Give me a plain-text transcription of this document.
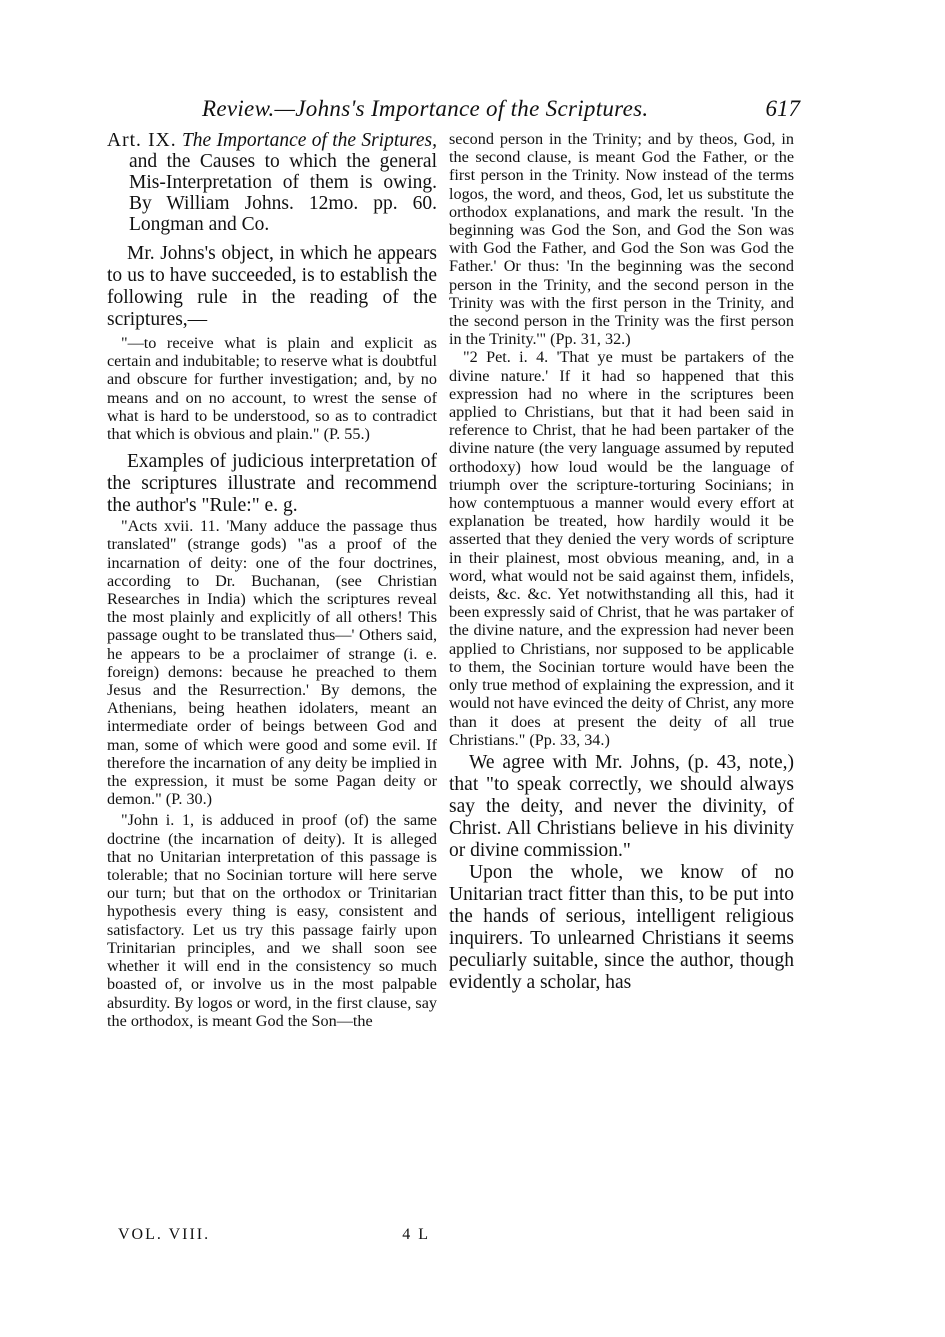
Review.—Johns's Importance of the Scriptures.	617

Art. IX. The Importance of the Sriptures, and the Causes to which the general Mis-Interpretation of them is owing. By William Johns. 12mo. pp. 60. Longman and Co.

Mr. Johns's object, in which he appears to us to have succeeded, is to establish the following rule in the reading of the scriptures,—

"—to receive what is plain and explicit as certain and indubitable; to reserve what is doubtful and obscure for further investigation; and, by no means and on no account, to wrest the sense of what is hard to be understood, so as to contradict that which is obvious and plain." (P. 55.)

Examples of judicious interpretation of the scriptures illustrate and recommend the author's "Rule:" e. g.

"Acts xvii. 11. 'Many adduce the passage thus translated" (strange gods) "as a proof of the incarnation of deity: one of the four doctrines, according to Dr. Buchanan, (see Christian Researches in India) which the scriptures reveal the most plainly and explicitly of all others! This passage ought to be translated thus—' Others said, he appears to be a proclaimer of strange (i. e. foreign) demons: because he preached to them Jesus and the Resurrection.' By demons, the Athenians, being heathen idolaters, meant an intermediate order of beings between God and man, some of which were good and some evil. If therefore the incarnation of any deity be implied in the expression, it must be some Pagan deity or demon." (P. 30.)

"John i. 1, is adduced in proof (of) the same doctrine (the incarnation of deity). It is alleged that no Unitarian interpretation of this passage is tolerable; that no Socinian torture will here serve our turn; but that on the orthodox or Trinitarian hypothesis every thing is easy, consistent and satisfactory. Let us try this passage fairly upon Trinitarian principles, and we shall soon see whether it will end in the consistency so much boasted of, or involve us in the most palpable absurdity. By logos or word, in the first clause, say the orthodox, is meant God the Son—the

second person in the Trinity; and by theos, God, in the second clause, is meant God the Father, or the first person in the Trinity. Now instead of the terms logos, the word, and theos, God, let us substitute the orthodox explanations, and mark the result. 'In the beginning was God the Son, and God the Son was with God the Father, and God the Son was God the Father.' Or thus: 'In the beginning was the second person in the Trinity, and the second person in the Trinity was with the first person in the Trinity, and the second person in the Trinity was the first person in the Trinity.'" (Pp. 31, 32.)

"2 Pet. i. 4. 'That ye must be partakers of the divine nature.' If it had so happened that this expression had no where in the scriptures been applied to Christians, but that it had been said in reference to Christ, that he had been partaker of the divine nature (the very language assumed by reputed orthodoxy) how loud would be the language of triumph over the scripture-torturing Socinians; in how contemptuous a manner would every effort at explanation be treated, how hardily would it be asserted that they denied the very words of scripture in their plainest, most obvious meaning, and, in a word, what would not be said against them, infidels, deists, &c. &c. Yet notwithstanding all this, had it been expressly said of Christ, that he was partaker of the divine nature, and the expression had never been applied to Christians, nor supposed to be applicable to them, the Socinian torture would have been the only true method of explaining the expression, and it would not have evinced the deity of Christ, any more than it does at present the deity of all true Christians." (Pp. 33, 34.)

We agree with Mr. Johns, (p. 43, note,) that "to speak correctly, we should always say the deity, and never the divinity, of Christ. All Christians believe in his divinity or divine commission."

Upon the whole, we know of no Unitarian tract fitter than this, to be put into the hands of serious, intelligent religious inquirers. To unlearned Christians it seems peculiarly suitable, since the author, though evidently a scholar, has

VOL. VIII.	4 L
